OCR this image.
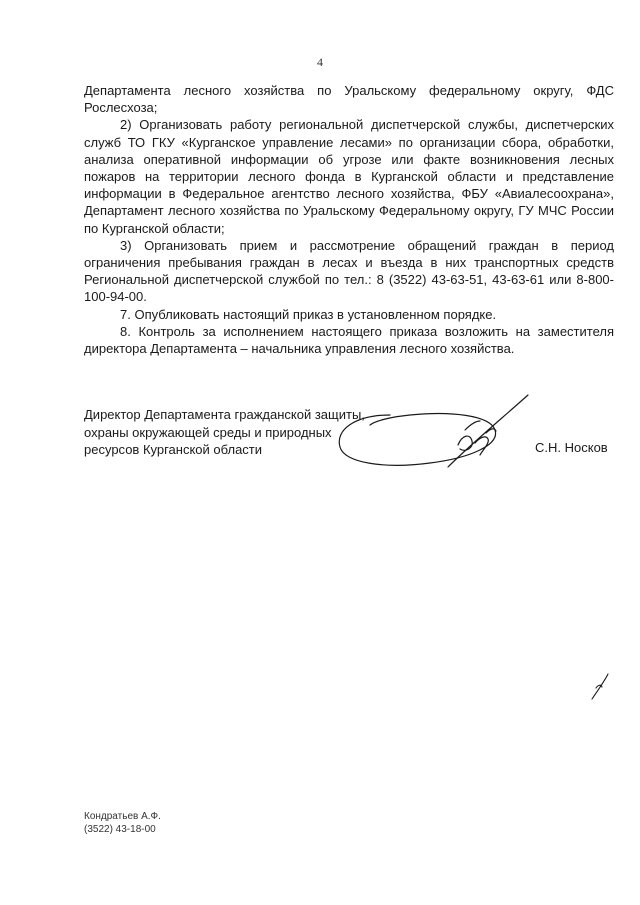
4

Департамента лесного хозяйства по Уральскому федеральному округу, ФДС Рослесхоза;

2) Организовать работу региональной диспетчерской службы, диспетчерских служб ТО ГКУ «Курганское управление лесами» по организации сбора, обработки, анализа оперативной информации об угрозе или факте возникновения лесных пожаров на территории лесного фонда в Курганской области и представление информации в Федеральное агентство лесного хозяйства, ФБУ «Авиалесоохрана», Департамент лесного хозяйства по Уральскому Федеральному округу, ГУ МЧС России по Курганской области;

3) Организовать прием и рассмотрение обращений граждан в период ограничения пребывания граждан в лесах и въезда в них транспортных средств Региональной диспетчерской службой по тел.: 8 (3522) 43-63-51, 43-63-61 или 8-800-100-94-00.

7. Опубликовать настоящий приказ в установленном порядке.

8. Контроль за исполнением настоящего приказа возложить на заместителя директора Департамента – начальника управления лесного хозяйства.

Директор Департамента гражданской защиты,
охраны окружающей среды и природных
ресурсов Курганской области	С.Н. Носков
Кондратьев А.Ф.
(3522) 43-18-00
